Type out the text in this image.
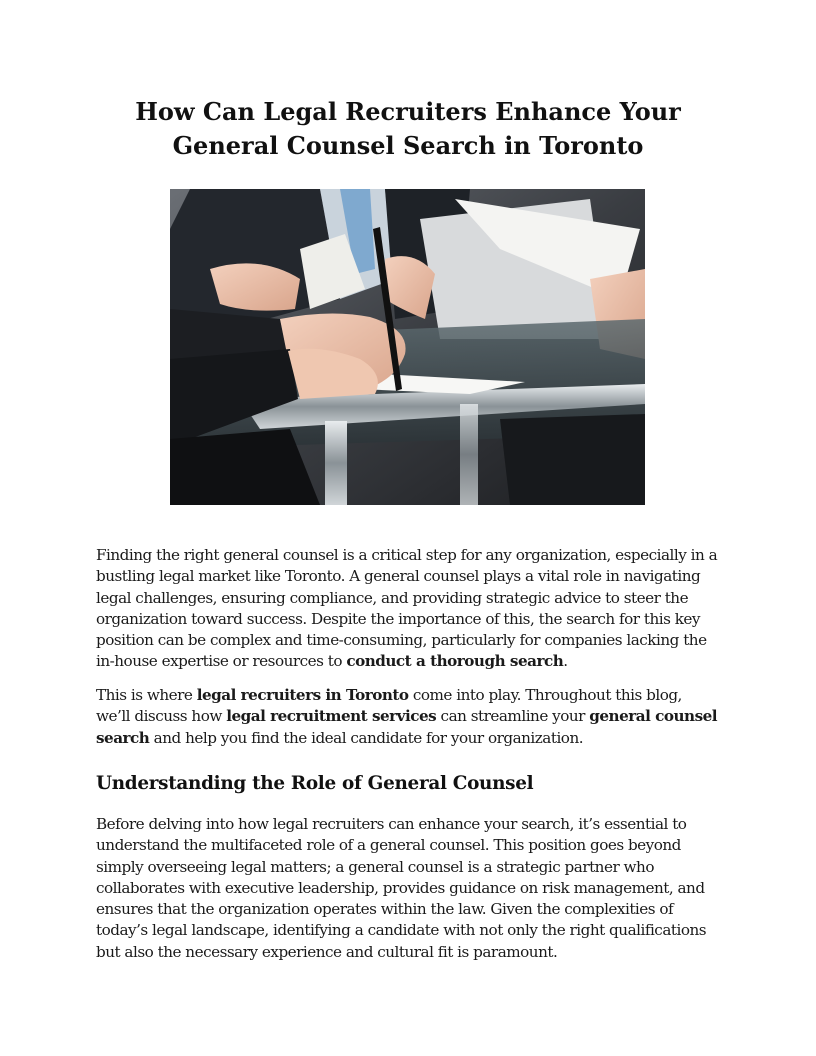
How Can Legal Recruiters Enhance Your General Counsel Search in Toronto

Finding the right general counsel is a critical step for any organization, especially in a bustling legal market like Toronto. A general counsel plays a vital role in navigating legal challenges, ensuring compliance, and providing strategic advice to steer the organization toward success. Despite the importance of this, the search for this key position can be complex and time-consuming, particularly for companies lacking the in-house expertise or resources to conduct a thorough search.

This is where legal recruiters in Toronto come into play. Throughout this blog, we’ll discuss how legal recruitment services can streamline your general counsel search and help you find the ideal candidate for your organization.

Understanding the Role of General Counsel

Before delving into how legal recruiters can enhance your search, it’s essential to understand the multifaceted role of a general counsel. This position goes beyond simply overseeing legal matters; a general counsel is a strategic partner who collaborates with executive leadership, provides guidance on risk management, and ensures that the organization operates within the law. Given the complexities of today’s legal landscape, identifying a candidate with not only the right qualifications but also the necessary experience and cultural fit is paramount.
